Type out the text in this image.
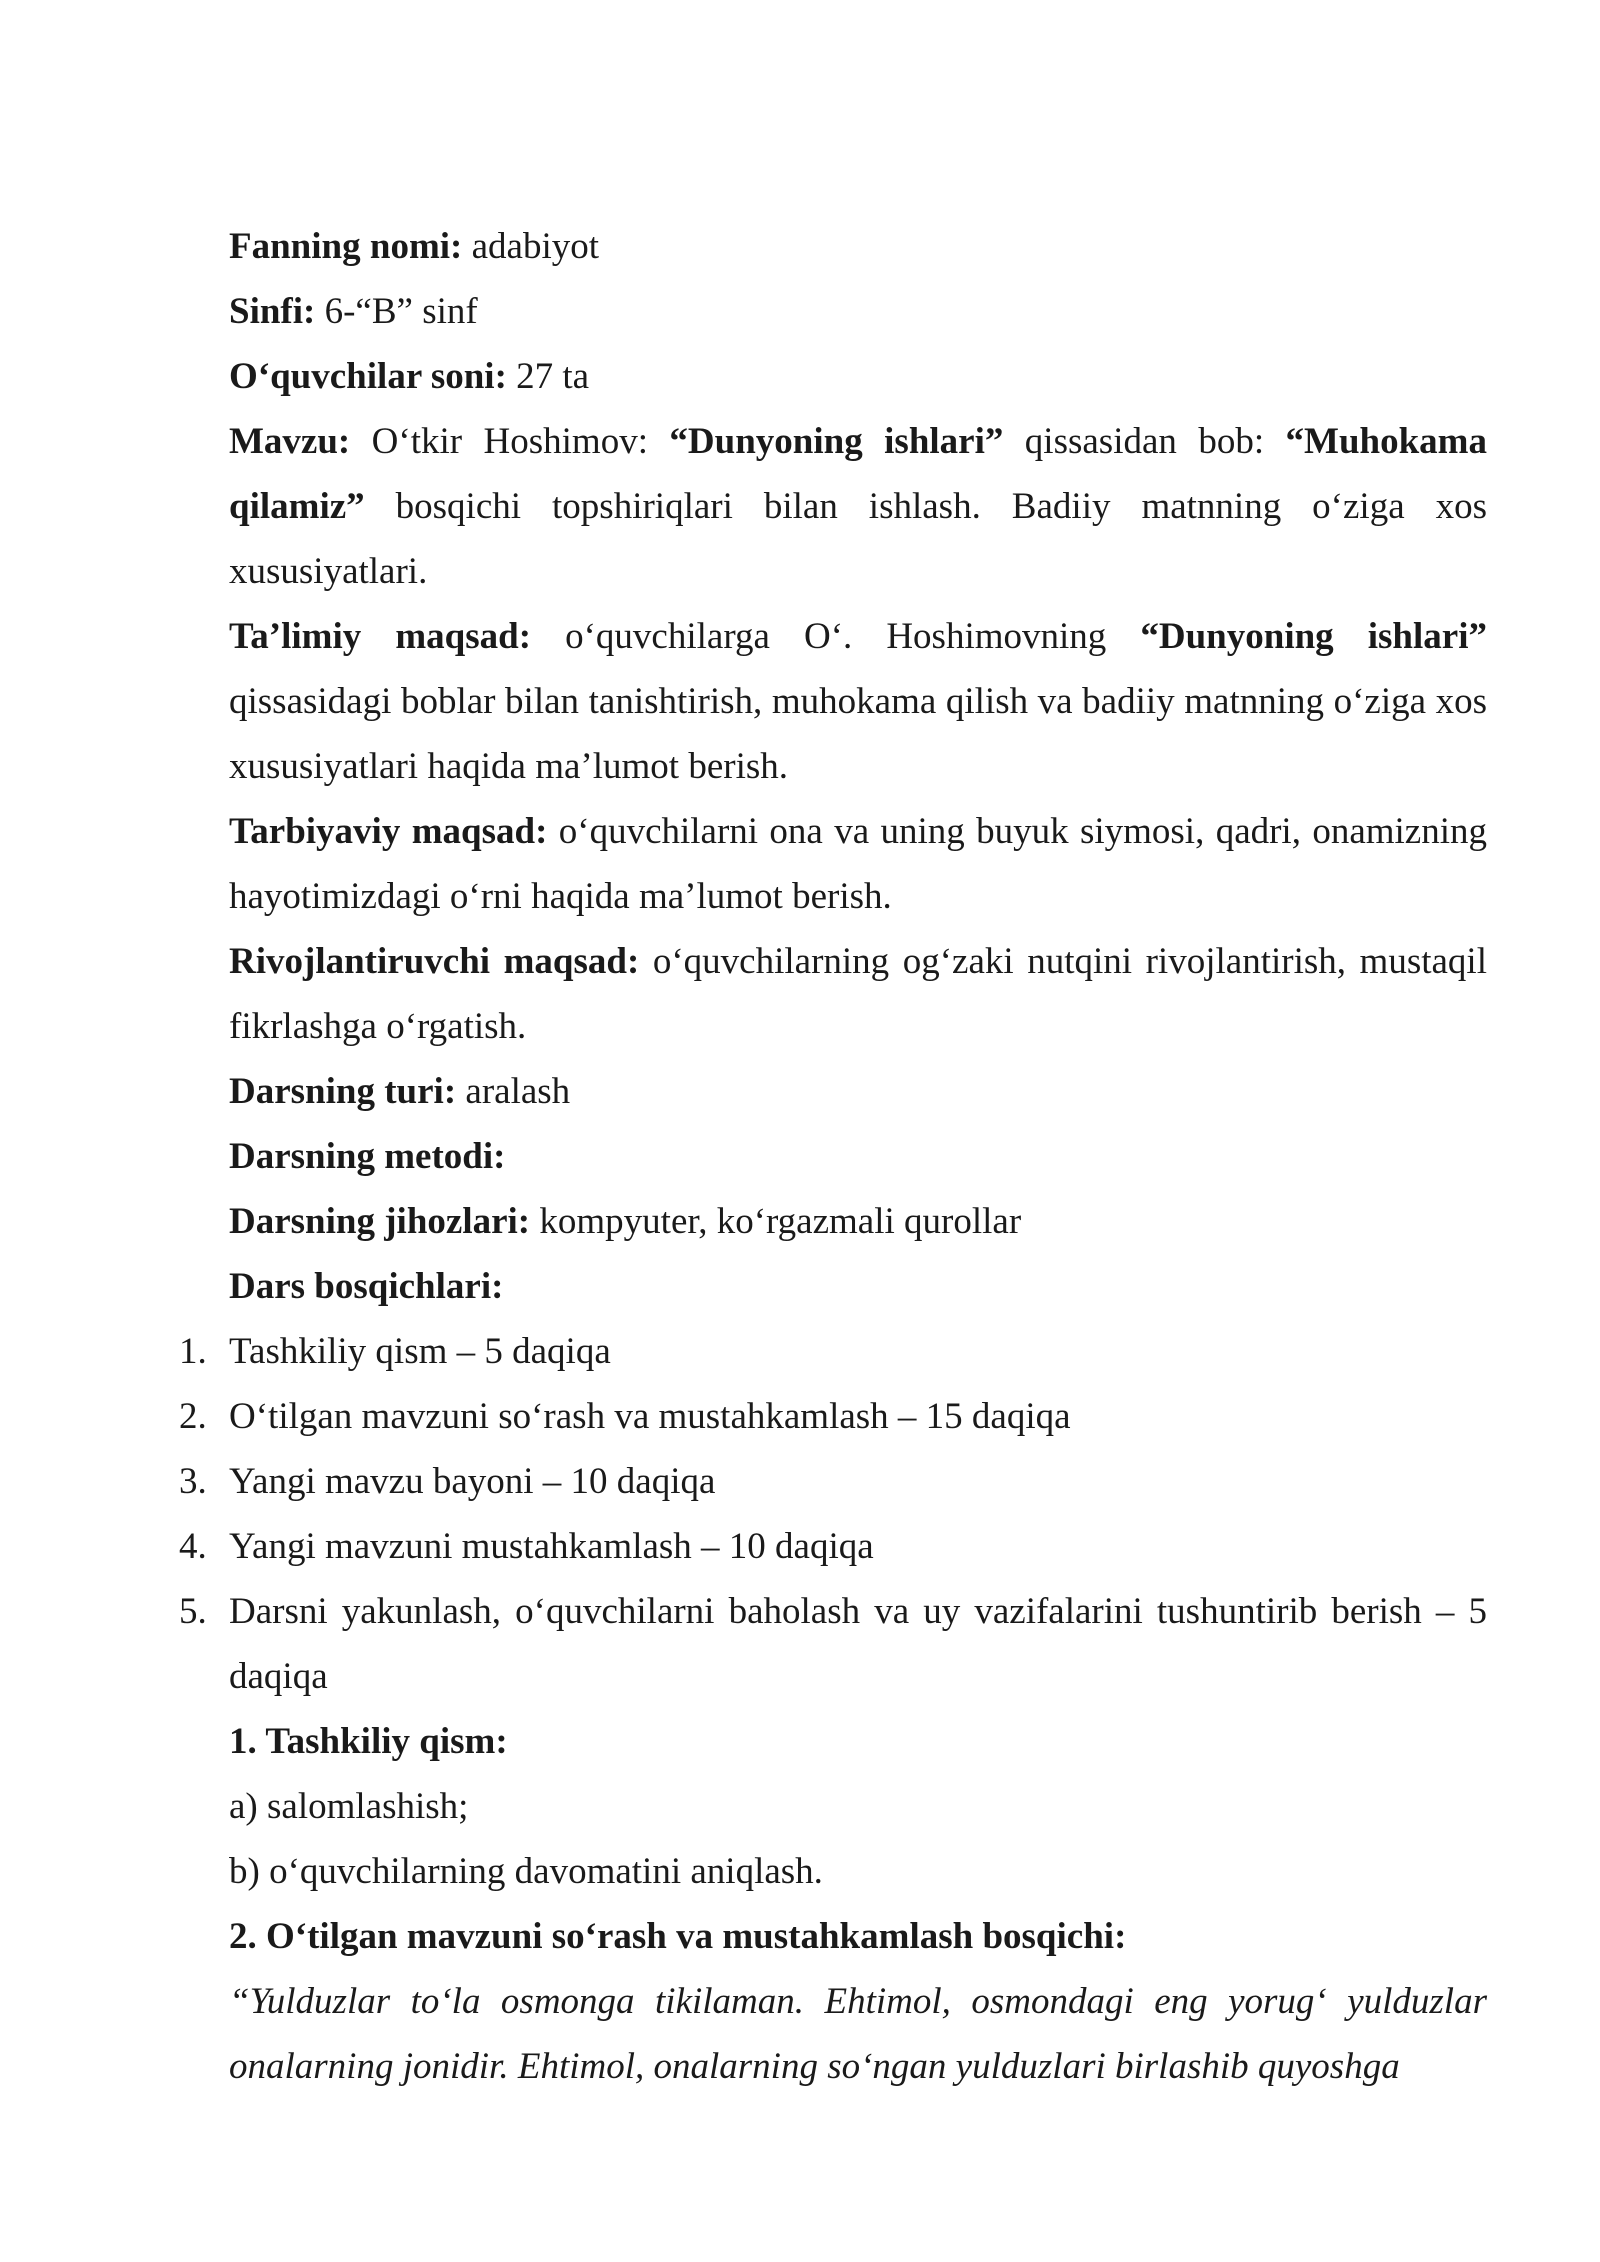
Fanning nomi: adabiyot

Sinfi: 6-“B” sinf

O‘quvchilar soni: 27 ta

Mavzu: O‘tkir Hoshimov: “Dunyoning ishlari” qissasidan bob: “Muhokama qilamiz” bosqichi topshiriqlari bilan ishlash. Badiiy matnning o‘ziga xos xususiyatlari.

Ta’limiy maqsad: o‘quvchilarga O‘. Hoshimovning “Dunyoning ishlari” qissasidagi boblar bilan tanishtirish, muhokama qilish va badiiy matnning o‘ziga xos xususiyatlari haqida ma’lumot berish.

Tarbiyaviy maqsad: o‘quvchilarni ona va uning buyuk siymosi, qadri, onamizning hayotimizdagi o‘rni haqida ma’lumot berish.

Rivojlantiruvchi maqsad: o‘quvchilarning og‘zaki nutqini rivojlantirish, mustaqil fikrlashga o‘rgatish.

Darsning turi: aralash

Darsning metodi:

Darsning jihozlari: kompyuter, ko‘rgazmali qurollar

Dars bosqichlari:

1. Tashkiliy qism – 5 daqiqa
2. O‘tilgan mavzuni so‘rash va mustahkamlash – 15 daqiqa
3. Yangi mavzu bayoni – 10 daqiqa
4. Yangi mavzuni mustahkamlash – 10 daqiqa
5. Darsni yakunlash, o‘quvchilarni baholash va uy vazifalarini tushuntirib berish – 5 daqiqa

1. Tashkiliy qism:

a) salomlashish;

b) o‘quvchilarning davomatini aniqlash.

2. O‘tilgan mavzuni so‘rash va mustahkamlash bosqichi:

“Yulduzlar to‘la osmonga tikilaman. Ehtimol, osmondagi eng yorug‘ yulduzlar onalarning jonidir. Ehtimol, onalarning so‘ngan yulduzlari birlashib quyoshga
